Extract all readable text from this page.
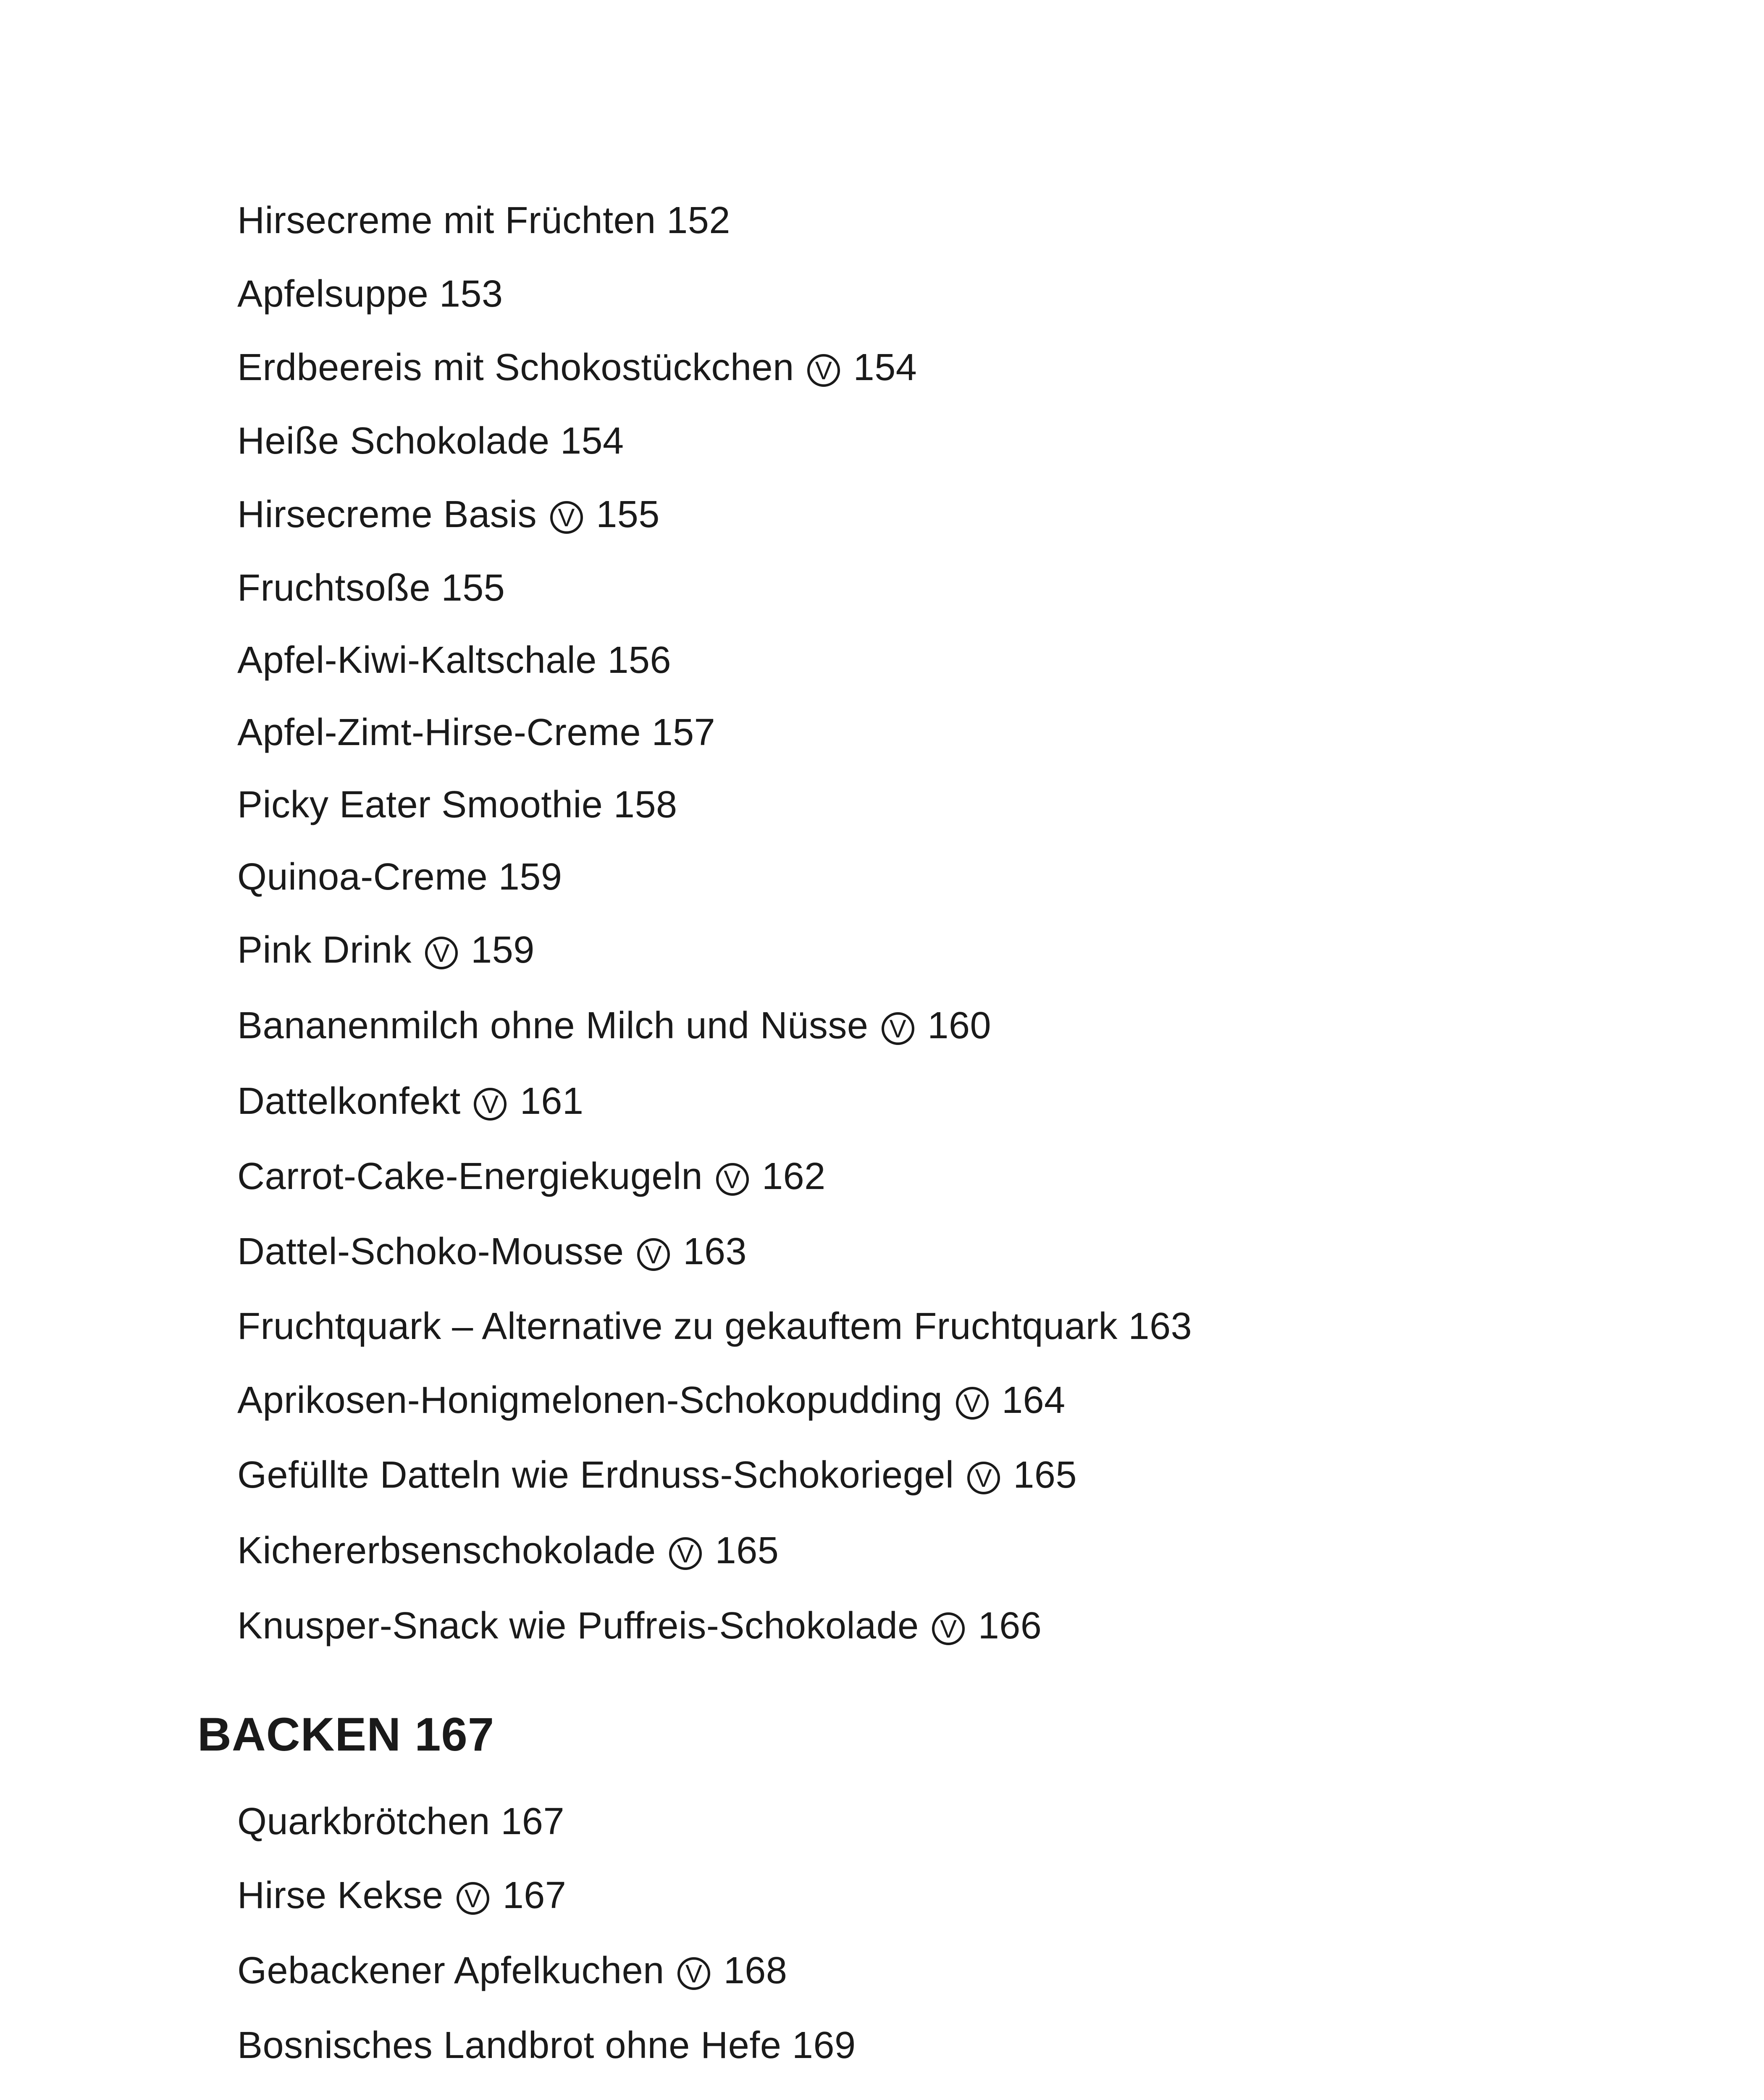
Hirsecreme mit Früchten 152
Apfelsuppe 153
Erdbeereis mit Schokostückchen V 154
Heiße Schokolade 154
Hirsecreme Basis V 155
Fruchtsoße 155
Apfel-Kiwi-Kaltschale 156
Apfel-Zimt-Hirse-Creme 157
Picky Eater Smoothie 158
Quinoa-Creme 159
Pink Drink V 159
Bananenmilch ohne Milch und Nüsse V 160
Dattelkonfekt V 161
Carrot-Cake-Energiekugeln V 162
Dattel-Schoko-Mousse V 163
Fruchtquark – Alternative zu gekauftem Fruchtquark 163
Aprikosen-Honigmelonen-Schokopudding V 164
Gefüllte Datteln wie Erdnuss-Schokoriegel V 165
Kichererbsenschokolade V 165
Knusper-Snack wie Puffreis-Schokolade V 166
BACKEN 167
Quarkbrötchen 167
Hirse Kekse V 167
Gebackener Apfelkuchen V 168
Bosnisches Landbrot ohne Hefe 169
